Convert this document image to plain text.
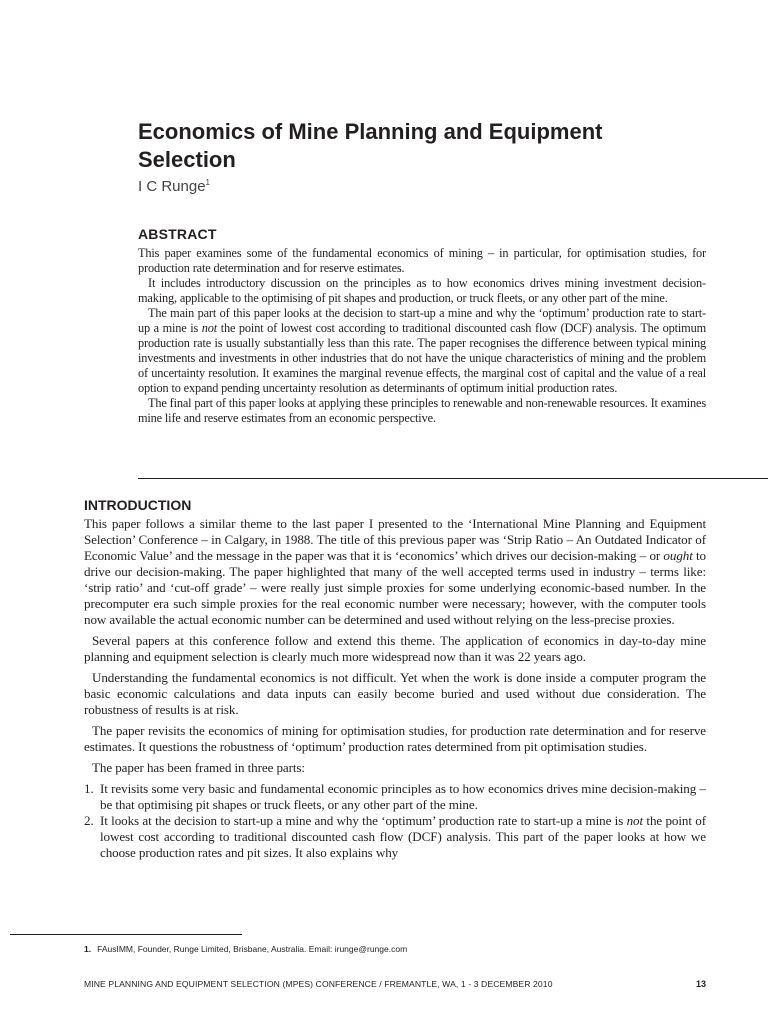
Economics of Mine Planning and Equipment Selection
I C Runge$^1$
ABSTRACT

This paper examines some of the fundamental economics of mining – in particular, for optimisation studies, for production rate determination and for reserve estimates.

It includes introductory discussion on the principles as to how economics drives mining investment decision-making, applicable to the optimising of pit shapes and production, or truck fleets, or any other part of the mine.

The main part of this paper looks at the decision to start-up a mine and why the ‘optimum’ production rate to start-up a mine is not the point of lowest cost according to traditional discounted cash flow (DCF) analysis. The optimum production rate is usually substantially less than this rate. The paper recognises the difference between typical mining investments and investments in other industries that do not have the unique characteristics of mining and the problem of uncertainty resolution. It examines the marginal revenue effects, the marginal cost of capital and the value of a real option to expand pending uncertainty resolution as determinants of optimum initial production rates.

The final part of this paper looks at applying these principles to renewable and non-renewable resources. It examines mine life and reserve estimates from an economic perspective.

INTRODUCTION

This paper follows a similar theme to the last paper I presented to the ‘International Mine Planning and Equipment Selection’ Conference – in Calgary, in 1988. The title of this previous paper was ‘Strip Ratio – An Outdated Indicator of Economic Value’ and the message in the paper was that it is ‘economics’ which drives our decision-making – or ought to drive our decision-making. The paper highlighted that many of the well accepted terms used in industry – terms like: ‘strip ratio’ and ‘cut-off grade’ – were really just simple proxies for some underlying economic-based number. In the precomputer era such simple proxies for the real economic number were necessary; however, with the computer tools now available the actual economic number can be determined and used without relying on the less-precise proxies.

Several papers at this conference follow and extend this theme. The application of economics in day-to-day mine planning and equipment selection is clearly much more widespread now than it was 22 years ago.

Understanding the fundamental economics is not difficult. Yet when the work is done inside a computer program the basic economic calculations and data inputs can easily become buried and used without due consideration. The robustness of results is at risk.

The paper revisits the economics of mining for optimisation studies, for production rate determination and for reserve estimates. It questions the robustness of ‘optimum’ production rates determined from pit optimisation studies.

The paper has been framed in three parts:

1. It revisits some very basic and fundamental economic principles as to how economics drives mine decision-making – be that optimising pit shapes or truck fleets, or any other part of the mine.
2. It looks at the decision to start-up a mine and why the ‘optimum’ production rate to start-up a mine is not the point of lowest cost according to traditional discounted cash flow (DCF) analysis. This part of the paper looks at how we choose production rates and pit sizes. It also explains why
1. FAusIMM, Founder, Runge Limited, Brisbane, Australia. Email: irunge@runge.com
MINE PLANNING AND EQUIPMENT SELECTION (MPES) CONFERENCE / FREMANTLE, WA, 1 - 3 DECEMBER 2010	13
